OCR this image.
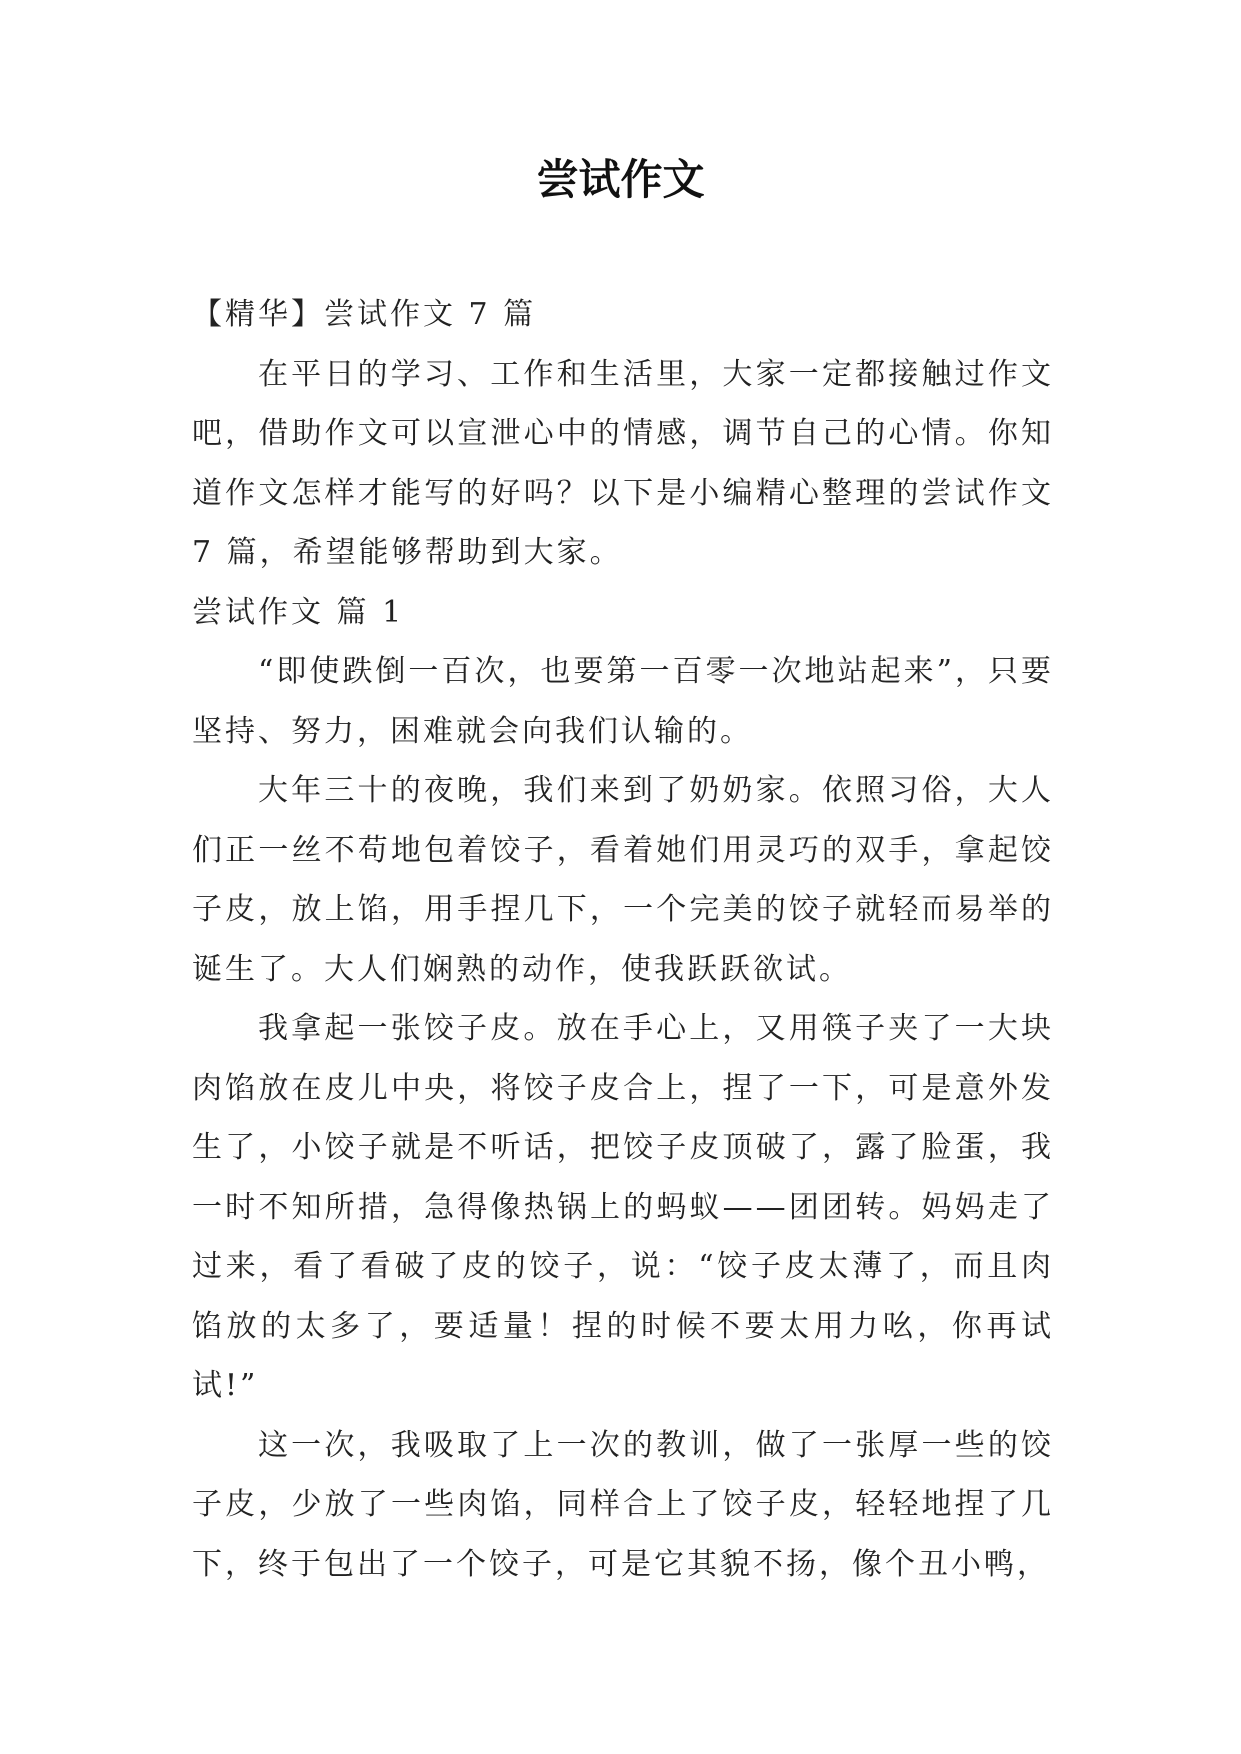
尝试作文

【精华】尝试作文 7 篇

在平日的学习、工作和生活里，大家一定都接触过作文吧，借助作文可以宣泄心中的情感，调节自己的心情。你知道作文怎样才能写的好吗？以下是小编精心整理的尝试作文 7 篇，希望能够帮助到大家。

尝试作文 篇 1

“即使跌倒一百次，也要第一百零一次地站起来”，只要坚持、努力，困难就会向我们认输的。

大年三十的夜晚，我们来到了奶奶家。依照习俗，大人们正一丝不苟地包着饺子，看着她们用灵巧的双手，拿起饺子皮，放上馅，用手捏几下，一个完美的饺子就轻而易举的诞生了。大人们娴熟的动作，使我跃跃欲试。

我拿起一张饺子皮。放在手心上，又用筷子夹了一大块肉馅放在皮儿中央，将饺子皮合上，捏了一下，可是意外发生了，小饺子就是不听话，把饺子皮顶破了，露了脸蛋，我一时不知所措，急得像热锅上的蚂蚁——团团转。妈妈走了过来，看了看破了皮的饺子，说：“饺子皮太薄了，而且肉馅放的太多了，要适量！捏的时候不要太用力吆，你再试试!”

这一次，我吸取了上一次的教训，做了一张厚一些的饺子皮，少放了一些肉馅，同样合上了饺子皮，轻轻地捏了几下，终于包出了一个饺子，可是它其貌不扬，像个丑小鸭，
